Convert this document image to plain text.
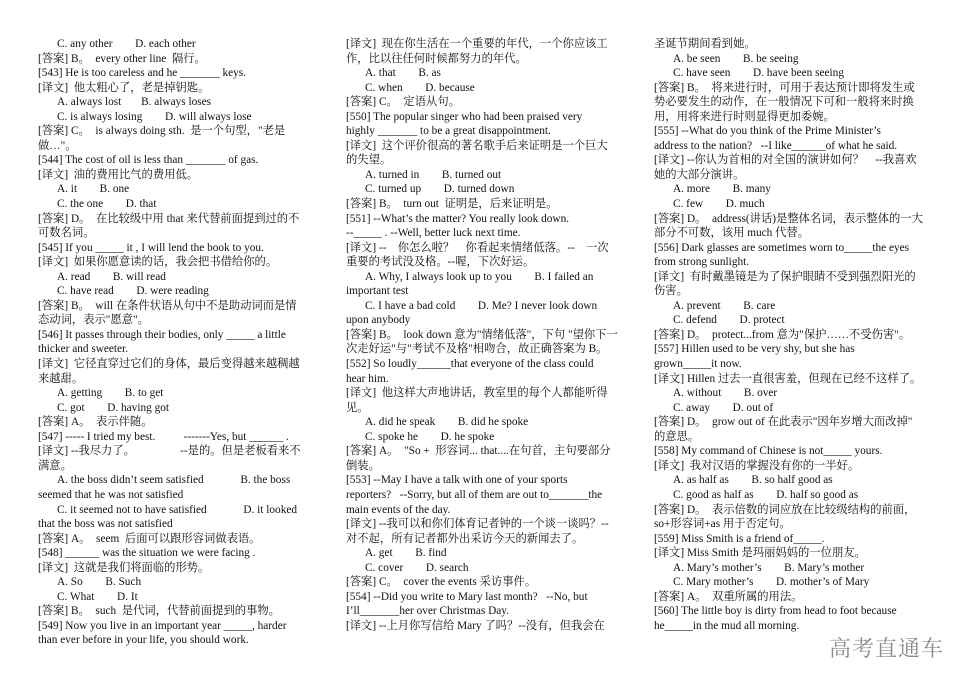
C. any other        D. each other
[答案] B。  every other line  隔行。
[543] He is too careless and he _______ keys.
[译文]  他太粗心了，老是掉钥匙。
A. always lost       B. always loses
C. is always losing        D. will always lose
[答案] C。  is always doing sth.  是一个句型，"老是
做…"。
[544] The cost of oil is less than _______ of gas.
[译文]  油的费用比气的费用低。
A. it        B. one
C. the one        D. that
[答案] D。  在比较级中用 that 来代替前面提到过的不
可数名词。
[545] If you _____ it , I will lend the book to you.
[译文]  如果你愿意读的话，我会把书借给你的。
A. read        B. will read
C. have read        D. were reading
[答案] B。  will 在条件状语从句中不是助动词而是情
态动词，表示"愿意"。
[546] It passes through their bodies, only _____ a little
thicker and sweeter.
[译文]  它径直穿过它们的身体，最后变得越来越稠越
来越甜。
A. getting        B. to get
C. got        D. having got
[答案] A。  表示伴随。
[547] ----- I tried my best.          -------Yes, but ______ .
[译文] --我尽力了。                --是的。但是老板看来不
满意。
A. the boss didn’t seem satisfied             B. the boss
seemed that he was not satisfied
C. it seemed not to have satisfied             D. it looked
that the boss was not satisfied
[答案] A。  seem  后面可以跟形容词做表语。
[548] ______ was the situation we were facing .
[译文]  这就是我们将面临的形势。
A. So        B. Such
C. What        D. It
[答案] B。  such  是代词，代替前面提到的事物。
[549] Now you live in an important year _____, harder
than ever before in your life, you should work.
[译文]  现在你生活在一个重要的年代，一个你应该工
作，比以往任何时候都努力的年代。
A. that        B. as
C. when        D. because
[答案] C。  定语从句。
[550] The popular singer who had been praised very
highly _______ to be a great disappointment.
[译文]  这个评价很高的著名歌手后来证明是一个巨大
的失望。
A. turned in        B. turned out
C. turned up        D. turned down
[答案] B。  turn out  证明是，后来证明是。
[551] --What’s the matter? You really look down.
--_____ . --Well, better luck next time.
[译文] --    你怎么啦？    你看起来情绪低落。--    一次
重要的考试没及格。--喔，下次好运。
A. Why, I always look up to you        B. I failed an
important test
C. I have a bad cold        D. Me? I never look down
upon anybody
[答案] B。  look down 意为"情绪低落"，下句 "望你下一
次走好运"与"考试不及格"相吻合，故正确答案为 B。
[552] So loudly______that everyone of the class could
hear him.
[译文]  他这样大声地讲话，教室里的每个人都能听得
见。
A. did he speak        B. did he spoke
C. spoke he        D. he spoke
[答案] A。  "So +  形容词... that....在句首，主句要部分
倒装。
[553] --May I have a talk with one of your sports
reporters?   --Sorry, but all of them are out to_______the
main events of the day.
[译文] --我可以和你们体育记者钟的一个谈一谈吗？--
对不起，所有记者都外出采访今天的新闻去了。
A. get        B. find
C. cover        D. search
[答案] C。  cover the events 采访事件。
[554] --Did you write to Mary last month?   --No, but
I’ll_______her over Christmas Day.
[译文] --上月你写信给 Mary 了吗？--没有，但我会在
圣诞节期间看到她。
A. be seen        B. be seeing
C. have seen        D. have been seeing
[答案] B。  将来进行时，可用于表达预计即将发生或
势必要发生的动作，在一般情况下可和一般将来时换
用，用将来进行时则显得更加委婉。
[555] --What do you think of the Prime Minister’s
address to the nation?   --I like______of what he said.
[译文] --你认为首相的对全国的演讲如何？    --我喜欢
她的大部分演讲。
A. more        B. many
C. few        D. much
[答案] D。  address(讲话)是整体名词，表示整体的一大
部分不可数，该用 much 代替。
[556] Dark glasses are sometimes worn to_____the eyes
from strong sunlight.
[译文]  有时戴墨镜是为了保护眼睛不受到强烈阳光的
伤害。
A. prevent        B. care
C. defend        D. protect
[答案] D。  protect...from 意为"保护……不受伤害"。
[557] Hillen used to be very shy, but she has
grown_____it now.
[译文] Hillen 过去一直很害羞，但现在已经不这样了。
A. without        B. over
C. away        D. out of
[答案] D。  grow out of 在此表示"因年岁增大而改掉"
的意思。
[558] My command of Chinese is not_____ yours.
[译文]  我对汉语的掌握没有你的一半好。
A. as half as        B. so half good as
C. good as half as        D. half so good as
[答案] D。  表示倍数的词应放在比较级结构的前面，
so+形容词+as 用于否定句。
[559] Miss Smith is a friend of_____.
[译文] Miss Smith 是玛丽妈妈的一位朋友。
A. Mary’s mother’s        B. Mary’s mother
C. Mary mother’s        D. mother’s of Mary
[答案] A。  双重所属的用法。
[560] The little boy is dirty from head to foot because
he_____in the mud all morning.
高考直通车
